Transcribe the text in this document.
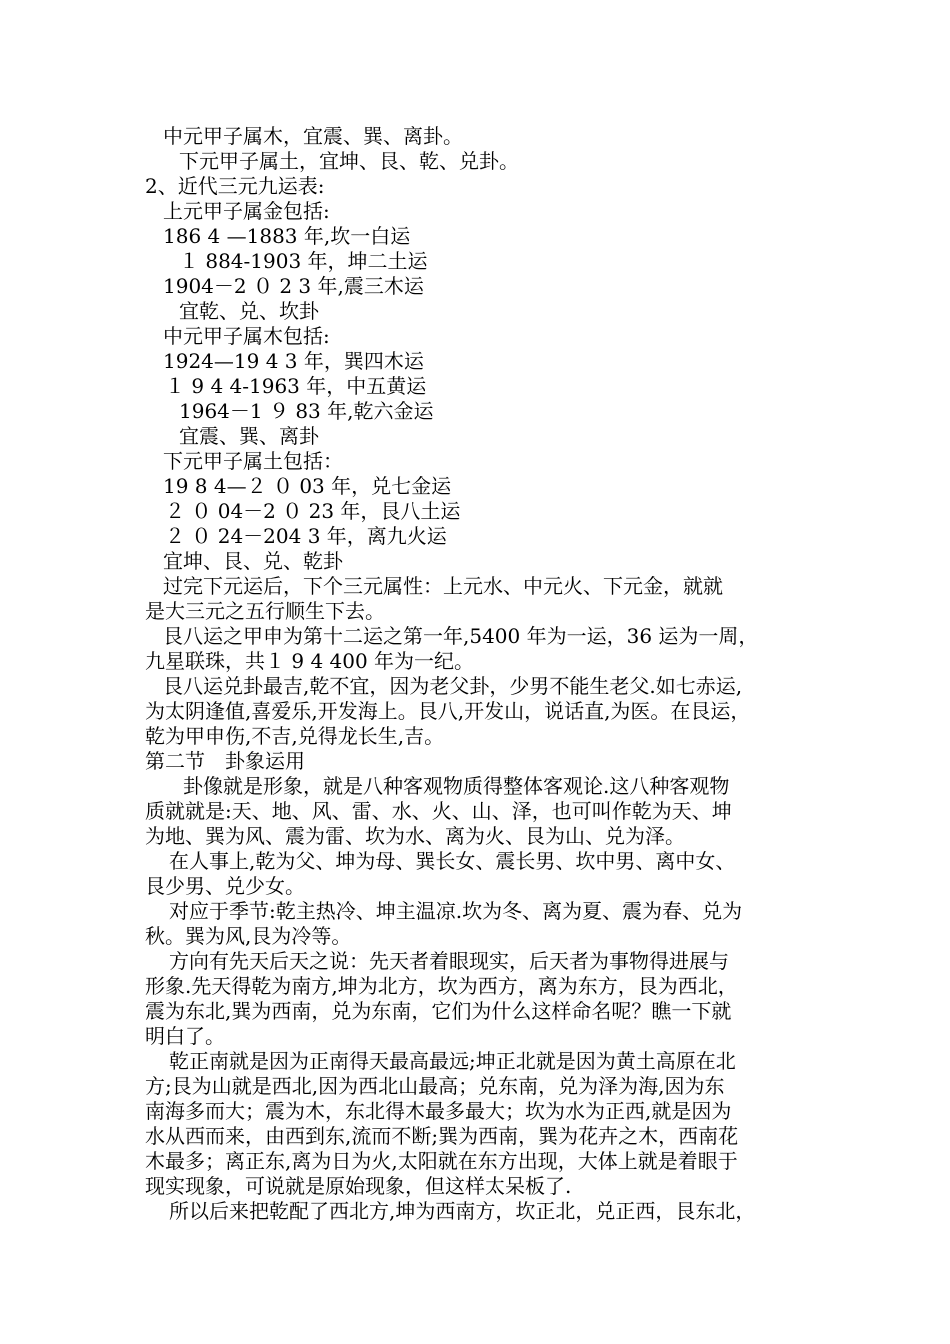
中元甲子属木，宜震、巽、离卦。
下元甲子属土，宜坤、艮、乾、兑卦。
2、近代三元九运表:
上元甲子属金包括:
186 4 —1883 年,坎一白运
１ 884-1903 年，坤二土运
1904－2 ０ 2 3 年,震三木运
宜乾、兑、坎卦
中元甲子属木包括:
1924—19 4 3 年，巽四木运
１ 9 4 4-1963 年，中五黄运
1964－1 ９ 83 年,乾六金运
宜震、巽、离卦
下元甲子属土包括：
19 8 4—２ ０ 03 年，兑七金运
２ ０ 04－2 ０ 23 年，艮八土运
２ ０ 24－204 3 年，离九火运
宜坤、艮、兑、乾卦
过完下元运后，下个三元属性：上元水、中元火、下元金，就就
是大三元之五行顺生下去。
艮八运之甲申为第十二运之第一年,5400 年为一运，36 运为一周，
九星联珠，共１ 9 4 400 年为一纪。
艮八运兑卦最吉,乾不宜，因为老父卦，少男不能生老父.如七赤运,
为太阴逢值,喜爱乐,开发海上。艮八,开发山，说话直,为医。在艮运，
乾为甲申伤,不吉,兑得龙长生,吉。
第二节　卦象运用
卦像就是形象，就是八种客观物质得整体客观论.这八种客观物
质就就是:天、地、风、雷、水、火、山、泽，也可叫作乾为天、坤
为地、巽为风、震为雷、坎为水、离为火、艮为山、兑为泽。
在人事上,乾为父、坤为母、巽长女、震长男、坎中男、离中女、
艮少男、兑少女。
对应于季节:乾主热冷、坤主温凉.坎为冬、离为夏、震为春、兑为
秋。巽为风,艮为冷等。
方向有先天后天之说：先天者着眼现实，后天者为事物得进展与
形象.先天得乾为南方,坤为北方，坎为西方，离为东方，艮为西北，
震为东北,巽为西南，兑为东南，它们为什么这样命名呢？瞧一下就
明白了。
乾正南就是因为正南得天最高最远;坤正北就是因为黄土高原在北
方;艮为山就是西北,因为西北山最高；兑东南，兑为泽为海,因为东
南海多而大；震为木，东北得木最多最大；坎为水为正西,就是因为
水从西而来，由西到东,流而不断;巽为西南，巽为花卉之木，西南花
木最多；离正东,离为日为火,太阳就在东方出现，大体上就是着眼于
现实现象，可说就是原始现象，但这样太呆板了.
所以后来把乾配了西北方,坤为西南方，坎正北，兑正西，艮东北，
